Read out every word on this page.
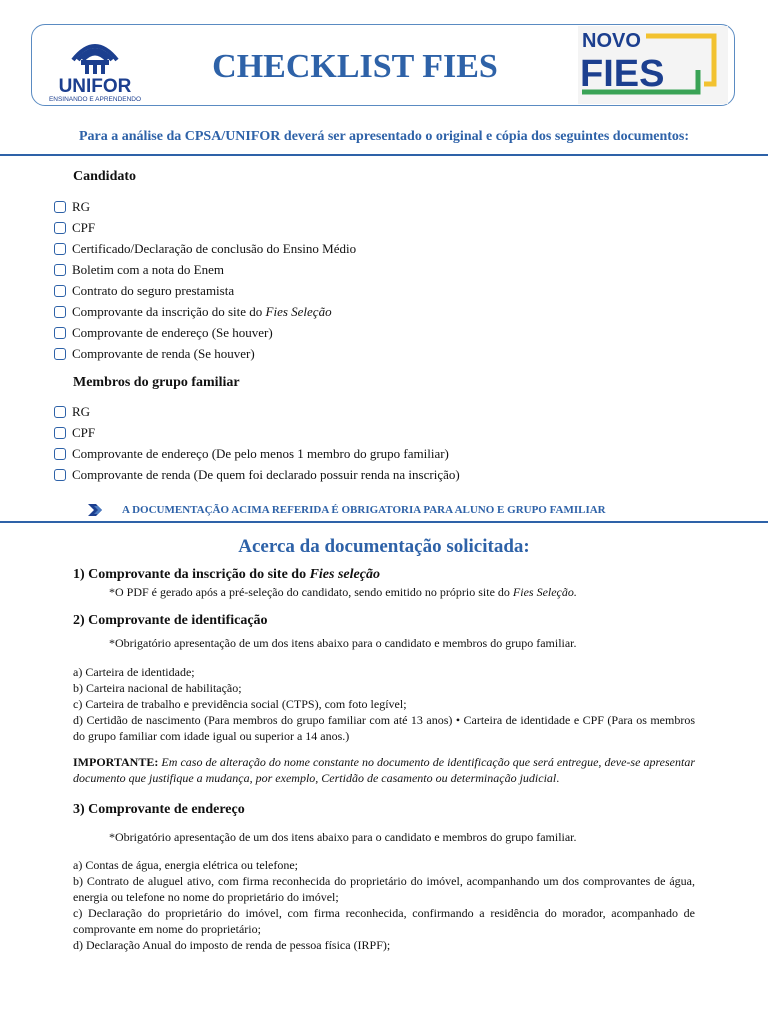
UNIFOR
ENSINANDO E APRENDENDO
CHECKLIST FIES
NOVO
FIES
Para a análise da CPSA/UNIFOR deverá ser apresentado o original e cópia dos seguintes documentos:
Candidato
RG
CPF
Certificado/Declaração de conclusão do Ensino Médio
Boletim com a nota do Enem
Contrato do seguro prestamista
Comprovante da inscrição do site do Fies Seleção
Comprovante de endereço (Se houver)
Comprovante de renda (Se houver)
Membros do grupo familiar
RG
CPF
Comprovante de endereço (De pelo menos 1 membro do grupo familiar)
Comprovante de renda (De quem foi declarado possuir renda na inscrição)
A DOCUMENTAÇÃO ACIMA REFERIDA É OBRIGATORIA PARA ALUNO E GRUPO FAMILIAR
Acerca da documentação solicitada:
1) Comprovante da inscrição do site do Fies seleção
*O PDF é gerado após a pré-seleção do candidato, sendo emitido no próprio site do Fies Seleção.
2) Comprovante de identificação
*Obrigatório apresentação de um dos itens abaixo para o candidato e membros do grupo familiar.
a) Carteira de identidade;
b) Carteira nacional de habilitação;
c) Carteira de trabalho e previdência social (CTPS), com foto legível;
d) Certidão de nascimento (Para membros do grupo familiar com até 13 anos) • Carteira de identidade e CPF (Para os membros do grupo familiar com idade igual ou superior a 14 anos.)
IMPORTANTE: Em caso de alteração do nome constante no documento de identificação que será entregue, deve-se apresentar documento que justifique a mudança, por exemplo, Certidão de casamento ou determinação judicial.
3) Comprovante de endereço
*Obrigatório apresentação de um dos itens abaixo para o candidato e membros do grupo familiar.
a) Contas de água, energia elétrica ou telefone;
b) Contrato de aluguel ativo, com firma reconhecida do proprietário do imóvel, acompanhando um dos comprovantes de água, energia ou telefone no nome do proprietário do imóvel;
c) Declaração do proprietário do imóvel, com firma reconhecida, confirmando a residência do morador, acompanhado de comprovante em nome do proprietário;
d) Declaração Anual do imposto de renda de pessoa física (IRPF);
